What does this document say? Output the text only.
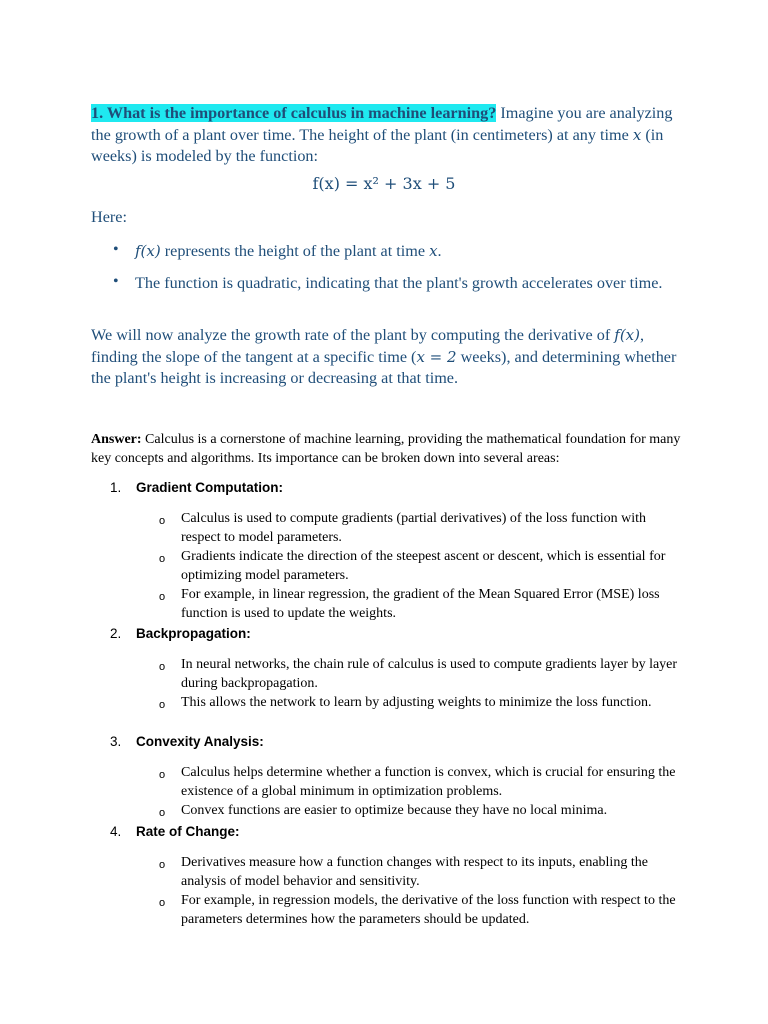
1. What is the importance of calculus in machine learning? Imagine you are analyzing the growth of a plant over time. The height of the plant (in centimeters) at any time x (in weeks) is modeled by the function:
f(x) = x² + 3x + 5
Here:
• f(x) represents the height of the plant at time x.
• The function is quadratic, indicating that the plant's growth accelerates over time.
We will now analyze the growth rate of the plant by computing the derivative of f(x), finding the slope of the tangent at a specific time (x = 2 weeks), and determining whether the plant's height is increasing or decreasing at that time.
Answer: Calculus is a cornerstone of machine learning, providing the mathematical foundation for many key concepts and algorithms. Its importance can be broken down into several areas:
1. Gradient Computation:
o Calculus is used to compute gradients (partial derivatives) of the loss function with respect to model parameters.
o Gradients indicate the direction of the steepest ascent or descent, which is essential for optimizing model parameters.
o For example, in linear regression, the gradient of the Mean Squared Error (MSE) loss function is used to update the weights.
2. Backpropagation:
o In neural networks, the chain rule of calculus is used to compute gradients layer by layer during backpropagation.
o This allows the network to learn by adjusting weights to minimize the loss function.
3. Convexity Analysis:
o Calculus helps determine whether a function is convex, which is crucial for ensuring the existence of a global minimum in optimization problems.
o Convex functions are easier to optimize because they have no local minima.
4. Rate of Change:
o Derivatives measure how a function changes with respect to its inputs, enabling the analysis of model behavior and sensitivity.
o For example, in regression models, the derivative of the loss function with respect to the parameters determines how the parameters should be updated.
